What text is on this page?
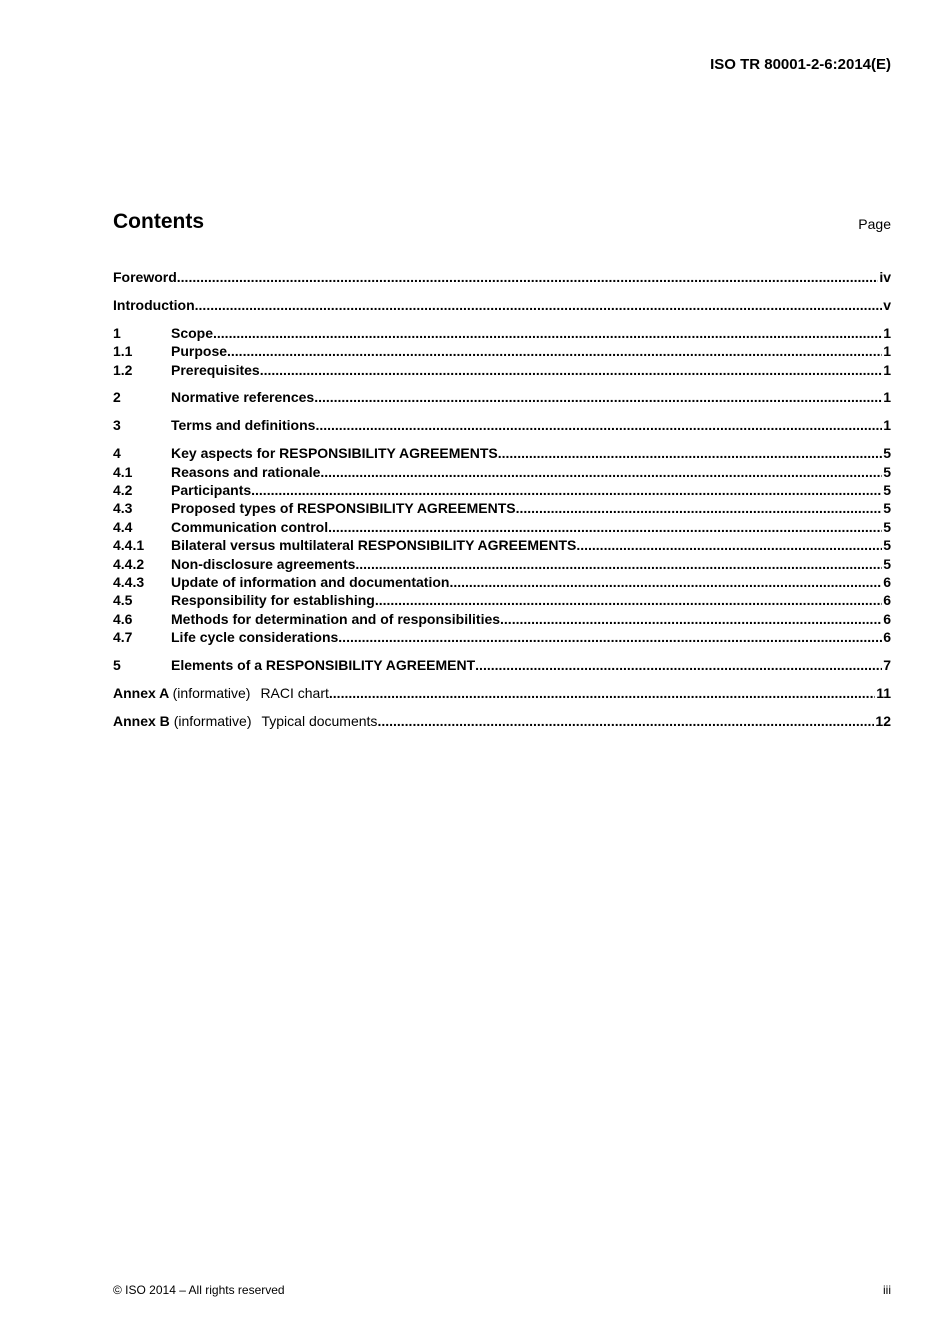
ISO TR 80001-2-6:2014(E)
Contents	Page
Foreword .....	iv
Introduction .....	v
1	Scope .....	1
1.1	Purpose .....	1
1.2	Prerequisites .....	1
2	Normative references .....	1
3	Terms and definitions .....	1
4	Key aspects for RESPONSIBILITY AGREEMENTS .....	5
4.1	Reasons and rationale .....	5
4.2	Participants .....	5
4.3	Proposed types of RESPONSIBILITY AGREEMENTS .....	5
4.4	Communication control .....	5
4.4.1	Bilateral versus multilateral RESPONSIBILITY AGREEMENTS .....	5
4.4.2	Non-disclosure agreements .....	5
4.4.3	Update of information and documentation .....	6
4.5	Responsibility for establishing .....	6
4.6	Methods for determination and of responsibilities .....	6
4.7	Life cycle considerations .....	6
5	Elements of a RESPONSIBILITY AGREEMENT .....	7
Annex A (informative) RACI chart .....	11
Annex B (informative) Typical documents .....	12
© ISO 2014 – All rights reserved	iii
